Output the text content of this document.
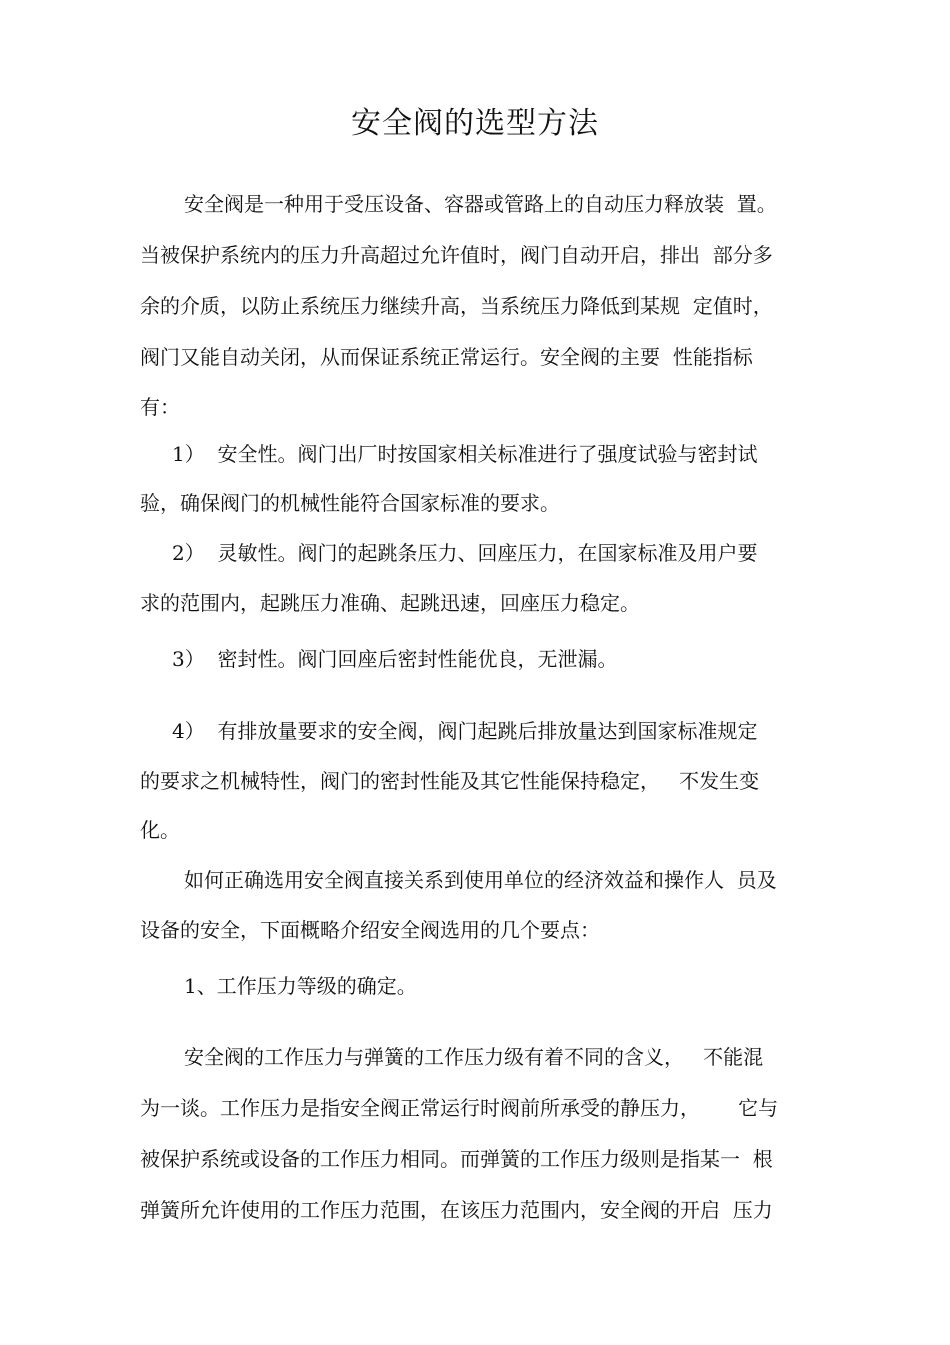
安全阀的选型方法

安全阀是一种用于受压设备、容器或管路上的自动压力释放装  置。

当被保护系统内的压力升高超过允许值时，阀门自动开启，排出  部分多

余的介质，以防止系统压力继续升高，当系统压力降低到某规  定值时，

阀门又能自动关闭，从而保证系统正常运行。安全阀的主要  性能指标

有：

1）  安全性。阀门出厂时按国家相关标准进行了强度试验与密封试

验，确保阀门的机械性能符合国家标准的要求。

2）  灵敏性。阀门的起跳条压力、回座压力，在国家标准及用户要

求的范围内，起跳压力准确、起跳迅速，回座压力稳定。

3）  密封性。阀门回座后密封性能优良，无泄漏。

4）  有排放量要求的安全阀，阀门起跳后排放量达到国家标准规定

的要求之机械特性，阀门的密封性能及其它性能保持稳定，   不发生变

化。

如何正确选用安全阀直接关系到使用单位的经济效益和操作人  员及

设备的安全，下面概略介绍安全阀选用的几个要点：

1、工作压力等级的确定。

安全阀的工作压力与弹簧的工作压力级有着不同的含义，   不能混

为一谈。工作压力是指安全阀正常运行时阀前所承受的静压力，      它与

被保护系统或设备的工作压力相同。而弹簧的工作压力级则是指某一  根

弹簧所允许使用的工作压力范围，在该压力范围内，安全阀的开启  压力
